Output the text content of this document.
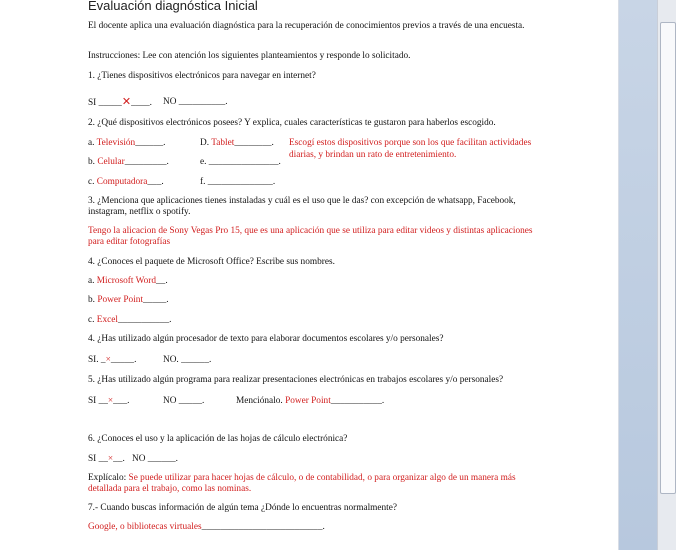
Evaluación diagnóstica Inicial
El docente aplica una evaluación diagnóstica para la recuperación de conocimientos previos a través de una encuesta.
Instrucciones: Lee con atención los siguientes planteamientos y responde lo solicitado.
1. ¿Tienes dispositivos electrónicos para navegar en internet?
SI _____✕____. NO __________.
2. ¿Qué dispositivos electrónicos posees? Y explica, cuales características te gustaron para haberlos escogido.
a. Televisión______.	D. Tablet________. Escogí estos dispositivos porque son los que facilitan actividades
diarias, y brindan un rato de entretenimiento.
b. Celular_________.	e. _______________.
c. Computadora___.	f. ______________.
3. ¿Menciona que aplicaciones tienes instaladas y cuál es el uso que le das? con excepción de whatsapp, Facebook,
instagram, netflix o spotify.
Tengo la alicacion de Sony Vegas Pro 15, que es una aplicación que se utiliza para editar videos y distintas aplicaciones
para editar fotografías
4. ¿Conoces el paquete de Microsoft Office? Escribe sus nombres.
a. Microsoft Word__.
b. Power Point_____.
c. Excel___________.
4. ¿Has utilizado algún procesador de texto para elaborar documentos escolares y/o personales?
SI. _×_____.	NO. ______.
5. ¿Has utilizado algún programa para realizar presentaciones electrónicas en trabajos escolares y/o personales?
SI __×___.	NO _____.	Menciónalo. Power Point___________.
6. ¿Conoces el uso y la aplicación de las hojas de cálculo electrónica?
SI __×__. NO ______.
Explícalo: Se puede utilizar para hacer hojas de cálculo, o de contabilidad, o para organizar algo de un manera más
detallada para el trabajo, como las nominas.
7.- Cuando buscas información de algún tema ¿Dónde lo encuentras normalmente?
Google, o bibliotecas virtuales__________________________.
